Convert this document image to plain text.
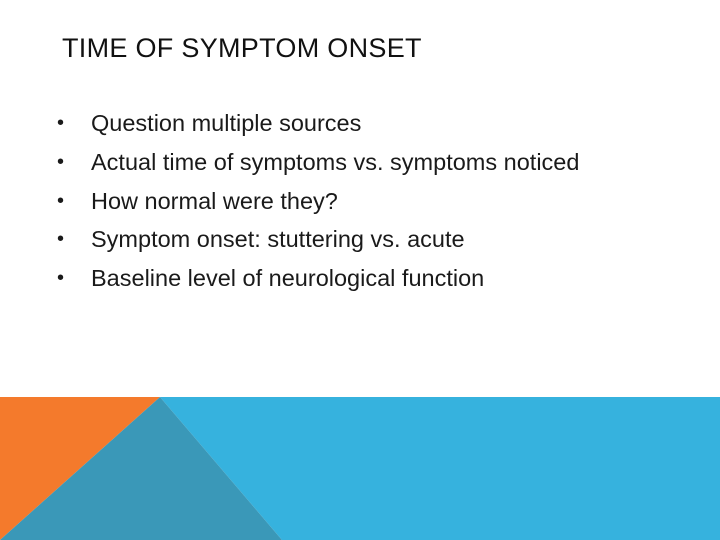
TIME OF SYMPTOM ONSET
• Question multiple sources
• Actual time of symptoms vs. symptoms noticed
• How normal were they?
• Symptom onset: stuttering vs. acute
• Baseline level of neurological function
